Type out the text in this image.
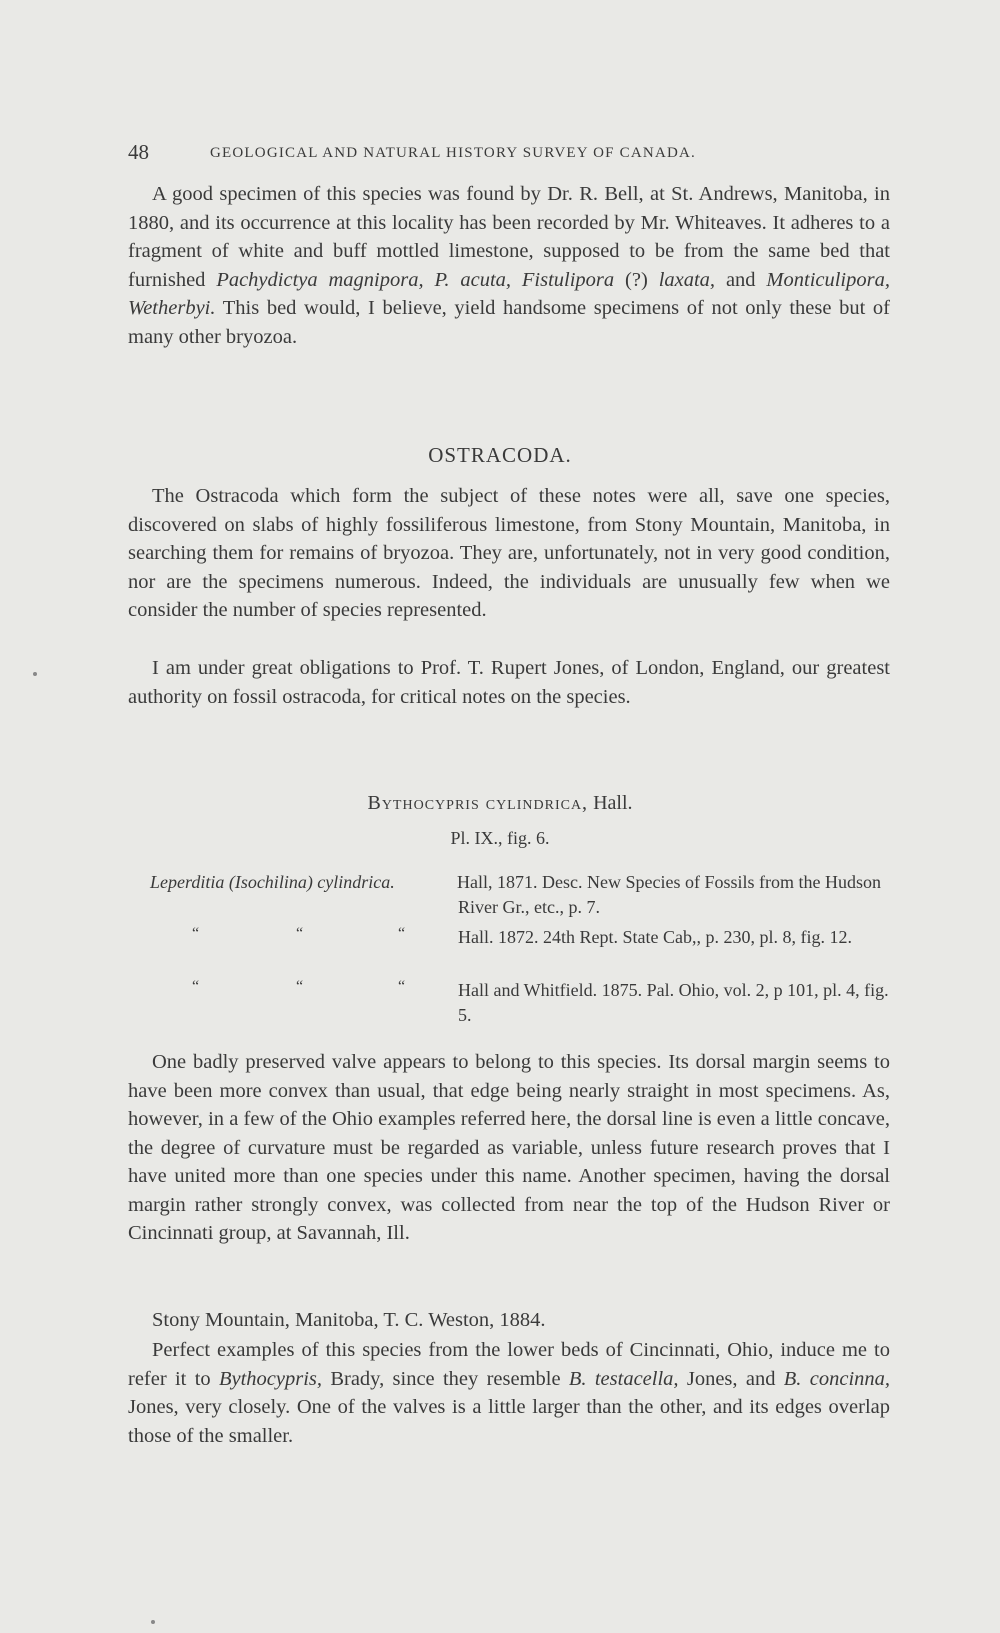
48	GEOLOGICAL AND NATURAL HISTORY SURVEY OF CANADA.

A good specimen of this species was found by Dr. R. Bell, at St. Andrews, Manitoba, in 1880, and its occurrence at this locality has been recorded by Mr. Whiteaves. It adheres to a fragment of white and buff mottled limestone, supposed to be from the same bed that furnished Pachydictya magnipora, P. acuta, Fistulipora (?) laxata, and Monticulipora, Wetherbyi. This bed would, I believe, yield handsome specimens of not only these but of many other bryozoa.

OSTRACODA.

The Ostracoda which form the subject of these notes were all, save one species, discovered on slabs of highly fossiliferous limestone, from Stony Mountain, Manitoba, in searching them for remains of bryozoa. They are, unfortunately, not in very good condition, nor are the specimens numerous. Indeed, the individuals are unusually few when we consider the number of species represented.

I am under great obligations to Prof. T. Rupert Jones, of London, England, our greatest authority on fossil ostracoda, for critical notes on the species.

Bythocypris cylindrica, Hall.
Pl. IX., fig. 6.
Leperditia (Isochilina) cylindrica.	Hall, 1871. Desc. New Species of Fossils from the Hudson River Gr., etc., p. 7.
“	“	“	Hall. 1872. 24th Rept. State Cab,, p. 230, pl. 8, fig. 12.
“	“	“	Hall and Whitfield. 1875. Pal. Ohio, vol. 2, p 101, pl. 4, fig. 5.

One badly preserved valve appears to belong to this species. Its dorsal margin seems to have been more convex than usual, that edge being nearly straight in most specimens. As, however, in a few of the Ohio examples referred here, the dorsal line is even a little concave, the degree of curvature must be regarded as variable, unless future research proves that I have united more than one species under this name. Another specimen, having the dorsal margin rather strongly convex, was collected from near the top of the Hudson River or Cincinnati group, at Savannah, Ill.

Stony Mountain, Manitoba, T. C. Weston, 1884.

Perfect examples of this species from the lower beds of Cincinnati, Ohio, induce me to refer it to Bythocypris, Brady, since they resemble B. testacella, Jones, and B. concinna, Jones, very closely. One of the valves is a little larger than the other, and its edges overlap those of the smaller.
